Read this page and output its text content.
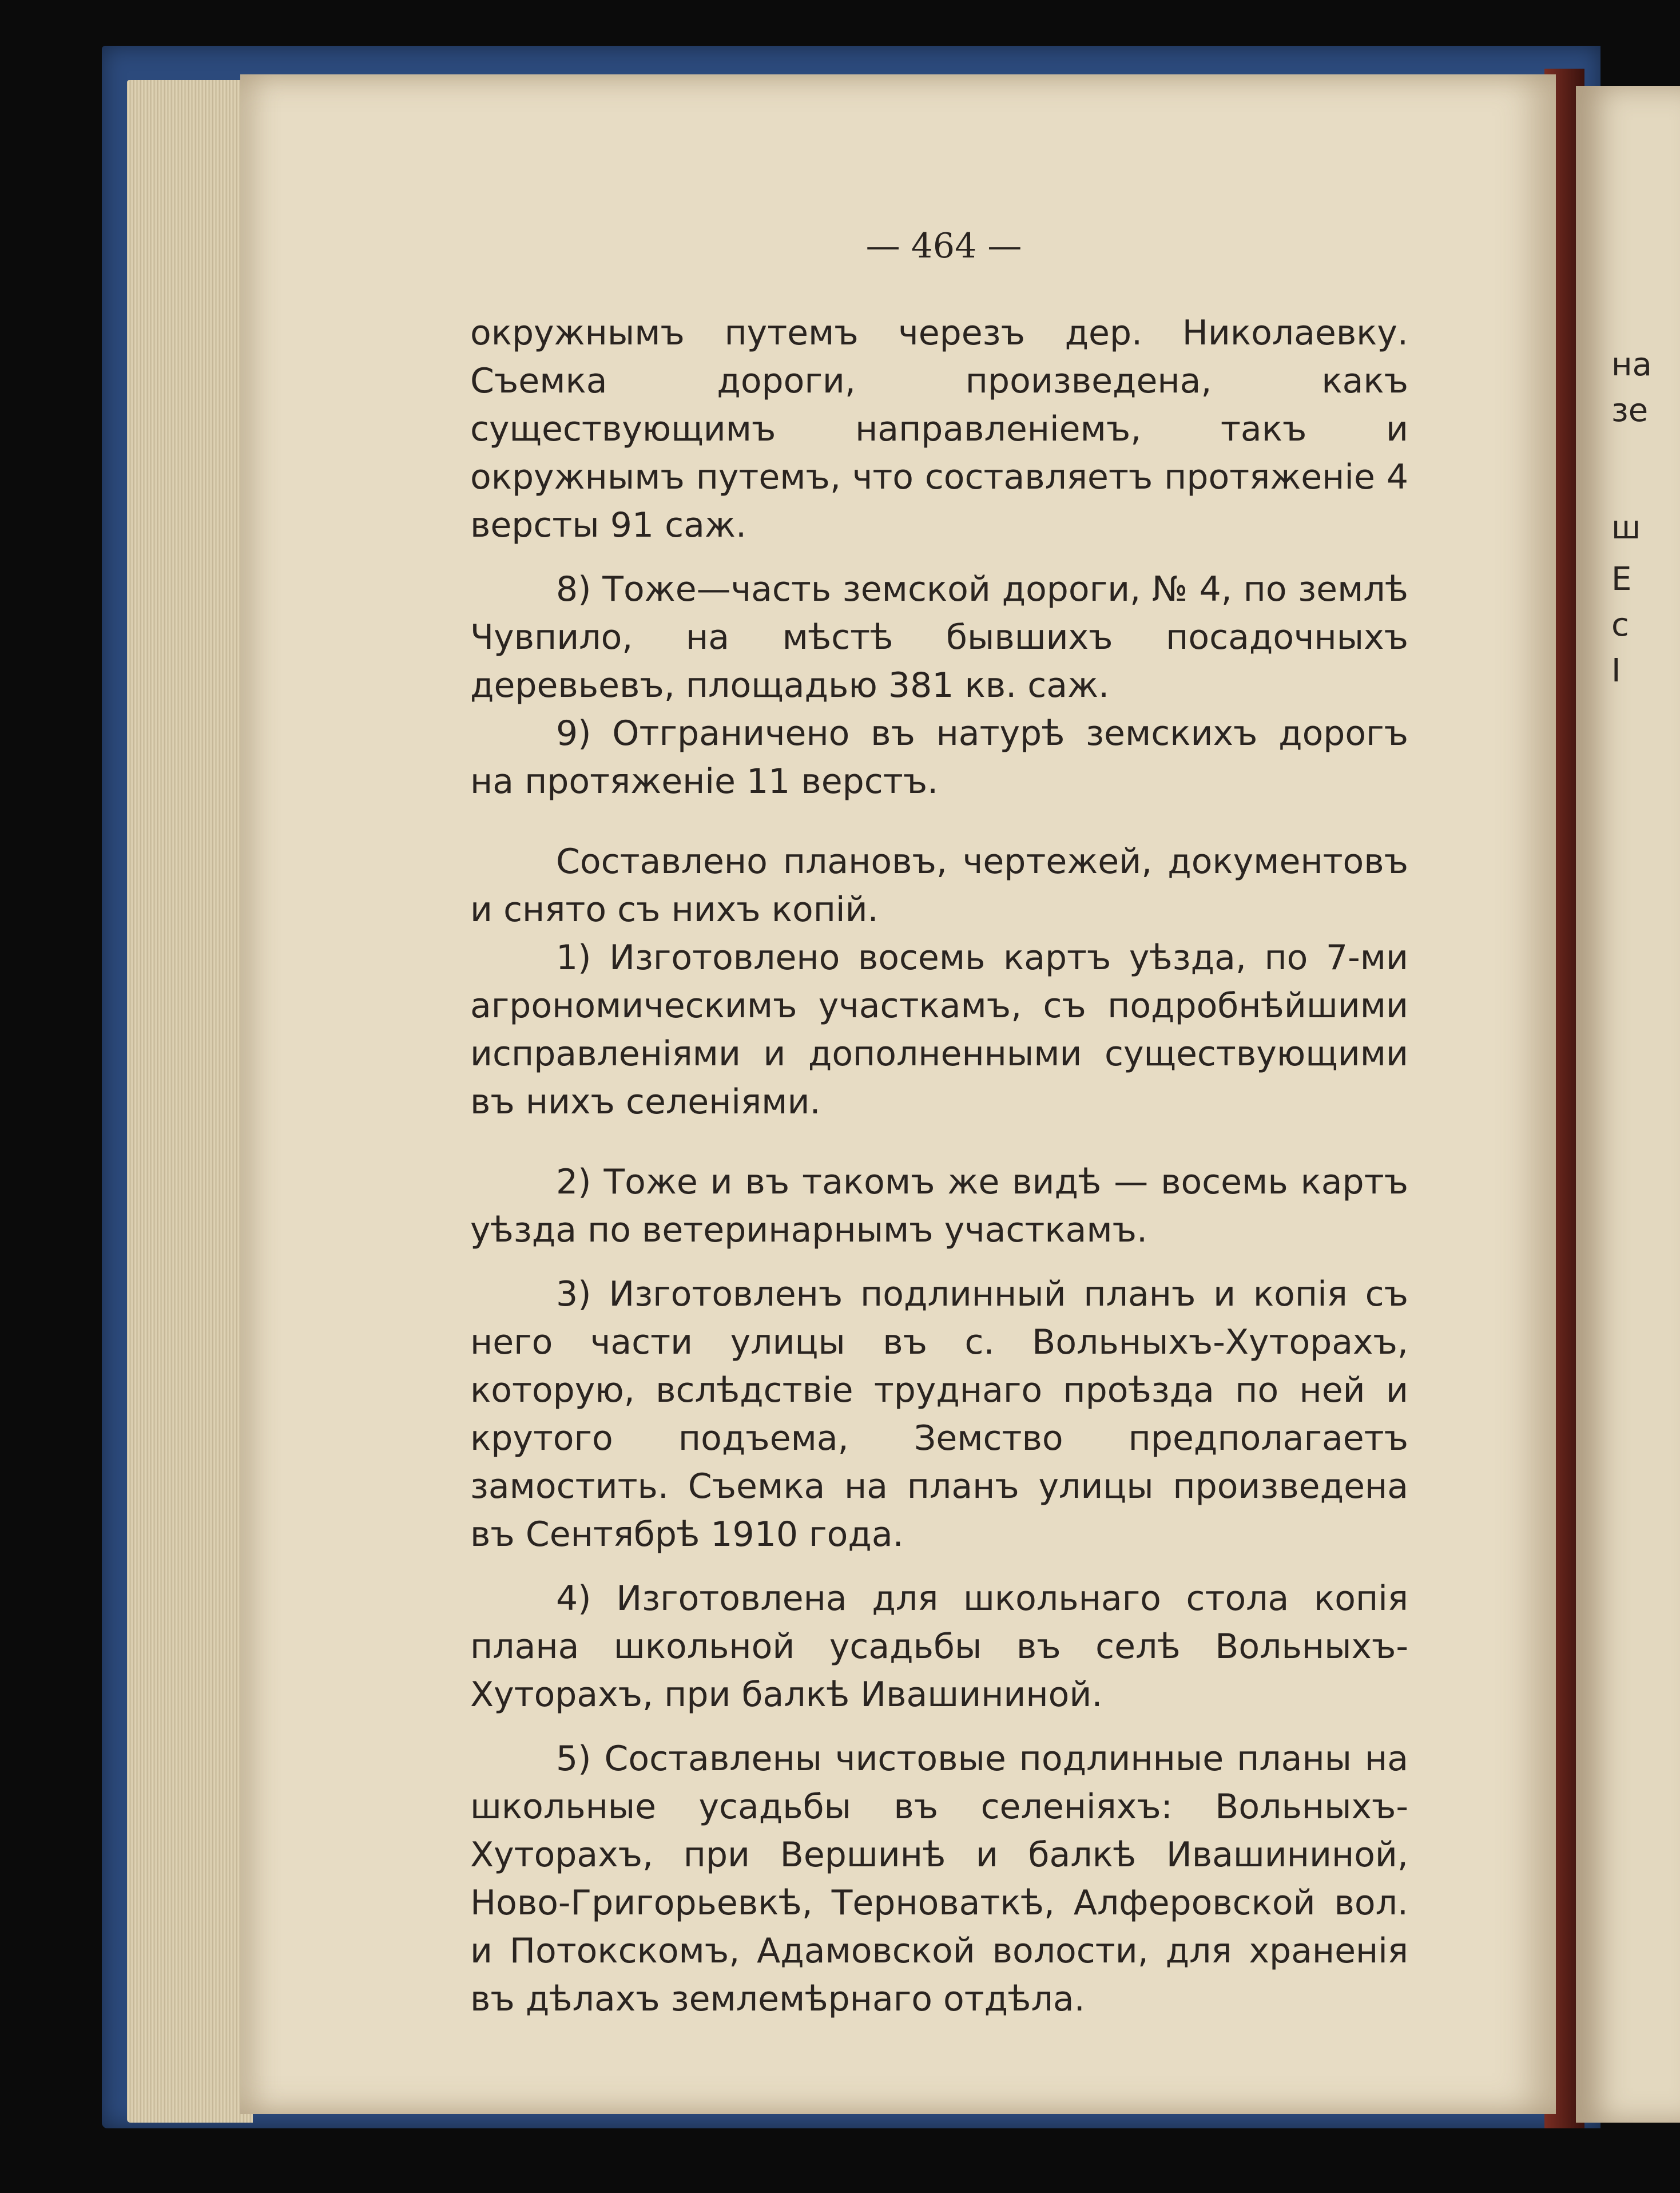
на
зе
ш
Е
с
I
— 464 —

окружнымъ путемъ черезъ дер. Николаевку. Съемка дороги, произведена, какъ существующимъ направленіемъ, такъ и окружнымъ путемъ, что составляетъ протяженіе 4 версты 91 саж.

8) Тоже—часть земской дороги, № 4, по землѣ Чувпило, на мѣстѣ бывшихъ посадочныхъ деревьевъ, площадью 381 кв. саж.

9) Отграничено въ натурѣ земскихъ дорогъ на протяженіе 11 верстъ.

Составлено плановъ, чертежей, документовъ и снято съ нихъ копій.

1) Изготовлено восемь картъ уѣзда, по 7-ми агрономическимъ участкамъ, съ подробнѣйшими исправленіями и дополненными существующими въ нихъ селеніями.

2) Тоже и въ такомъ же видѣ — восемь картъ уѣзда по ветеринарнымъ участкамъ.

3) Изготовленъ подлинный планъ и копія съ него части улицы въ с. Вольныхъ-Хуторахъ, которую, вслѣдствіе труднаго проѣзда по ней и крутого подъема, Земство предполагаетъ замостить. Съемка на планъ улицы произведена въ Сентябрѣ 1910 года.

4) Изготовлена для школьнаго стола копія плана школьной усадьбы въ селѣ Вольныхъ-Хуторахъ, при балкѣ Ивашининой.

5) Составлены чистовые подлинные планы на школьные усадьбы въ селеніяхъ: Вольныхъ-Хуторахъ, при Вершинѣ и балкѣ Ивашининой, Ново-Григорьевкѣ, Терноваткѣ, Алферовской вол. и Потокскомъ, Адамовской волости, для храненія въ дѣлахъ землемѣрнаго отдѣла.
